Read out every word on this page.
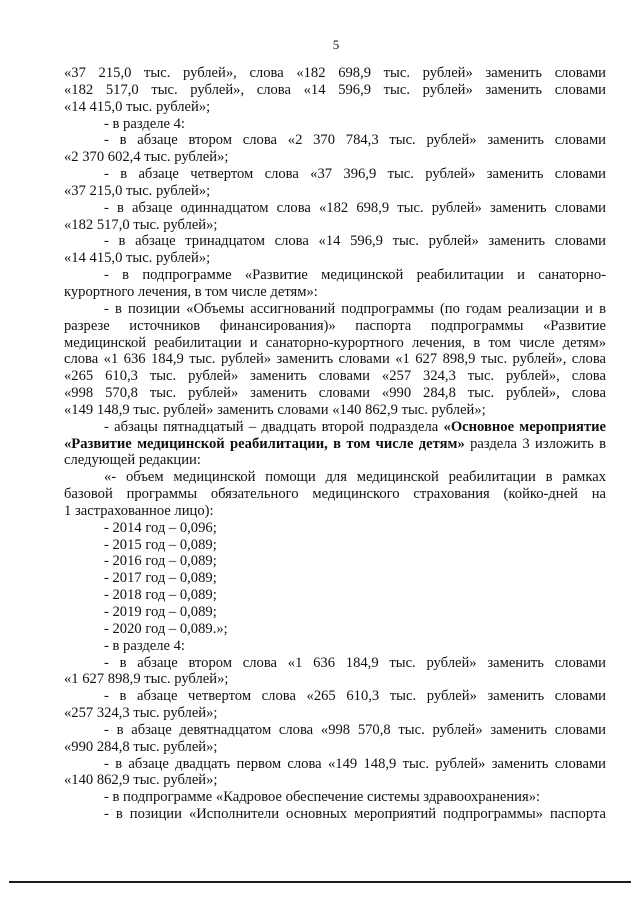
5
«37 215,0 тыс. рублей», слова «182 698,9 тыс. рублей» заменить словами
«182 517,0 тыс. рублей», слова «14 596,9 тыс. рублей» заменить словами
«14 415,0 тыс. рублей»;
- в разделе 4:
- в абзаце втором слова «2 370 784,3 тыс. рублей» заменить словами
«2 370 602,4 тыс. рублей»;
- в абзаце четвертом слова «37 396,9 тыс. рублей» заменить словами
«37 215,0 тыс. рублей»;
- в абзаце одиннадцатом слова «182 698,9 тыс. рублей» заменить словами
«182 517,0 тыс. рублей»;
- в абзаце тринадцатом слова «14 596,9 тыс. рублей» заменить словами
«14 415,0 тыс. рублей»;
- в подпрограмме «Развитие медицинской реабилитации и санаторно-
курортного лечения, в том числе детям»:
- в позиции «Объемы ассигнований подпрограммы (по годам реализации и в
разрезе источников финансирования)» паспорта подпрограммы «Развитие
медицинской реабилитации и санаторно-курортного лечения, в том числе детям»
слова «1 636 184,9 тыс. рублей» заменить словами «1 627 898,9 тыс. рублей», слова
«265 610,3 тыс. рублей» заменить словами «257 324,3 тыс. рублей», слова
«998 570,8 тыс. рублей» заменить словами «990 284,8 тыс. рублей», слова
«149 148,9 тыс. рублей» заменить словами «140 862,9 тыс. рублей»;
- абзацы пятнадцатый – двадцать второй подраздела «Основное мероприятие
«Развитие медицинской реабилитации, в том числе детям» раздела 3 изложить в
следующей редакции:
«- объем медицинской помощи для медицинской реабилитации в рамках
базовой программы обязательного медицинского страхования (койко-дней на
1 застрахованное лицо):
- 2014 год – 0,096;
- 2015 год – 0,089;
- 2016 год – 0,089;
- 2017 год – 0,089;
- 2018 год – 0,089;
- 2019 год – 0,089;
- 2020 год – 0,089.»;
- в разделе 4:
- в абзаце втором слова «1 636 184,9 тыс. рублей» заменить словами
«1 627 898,9 тыс. рублей»;
- в абзаце четвертом слова «265 610,3 тыс. рублей» заменить словами
«257 324,3 тыс. рублей»;
- в абзаце девятнадцатом слова «998 570,8 тыс. рублей» заменить словами
«990 284,8 тыс. рублей»;
- в абзаце двадцать первом слова «149 148,9 тыс. рублей» заменить словами
«140 862,9 тыс. рублей»;
- в подпрограмме «Кадровое обеспечение системы здравоохранения»:
- в позиции «Исполнители основных мероприятий подпрограммы» паспорта
